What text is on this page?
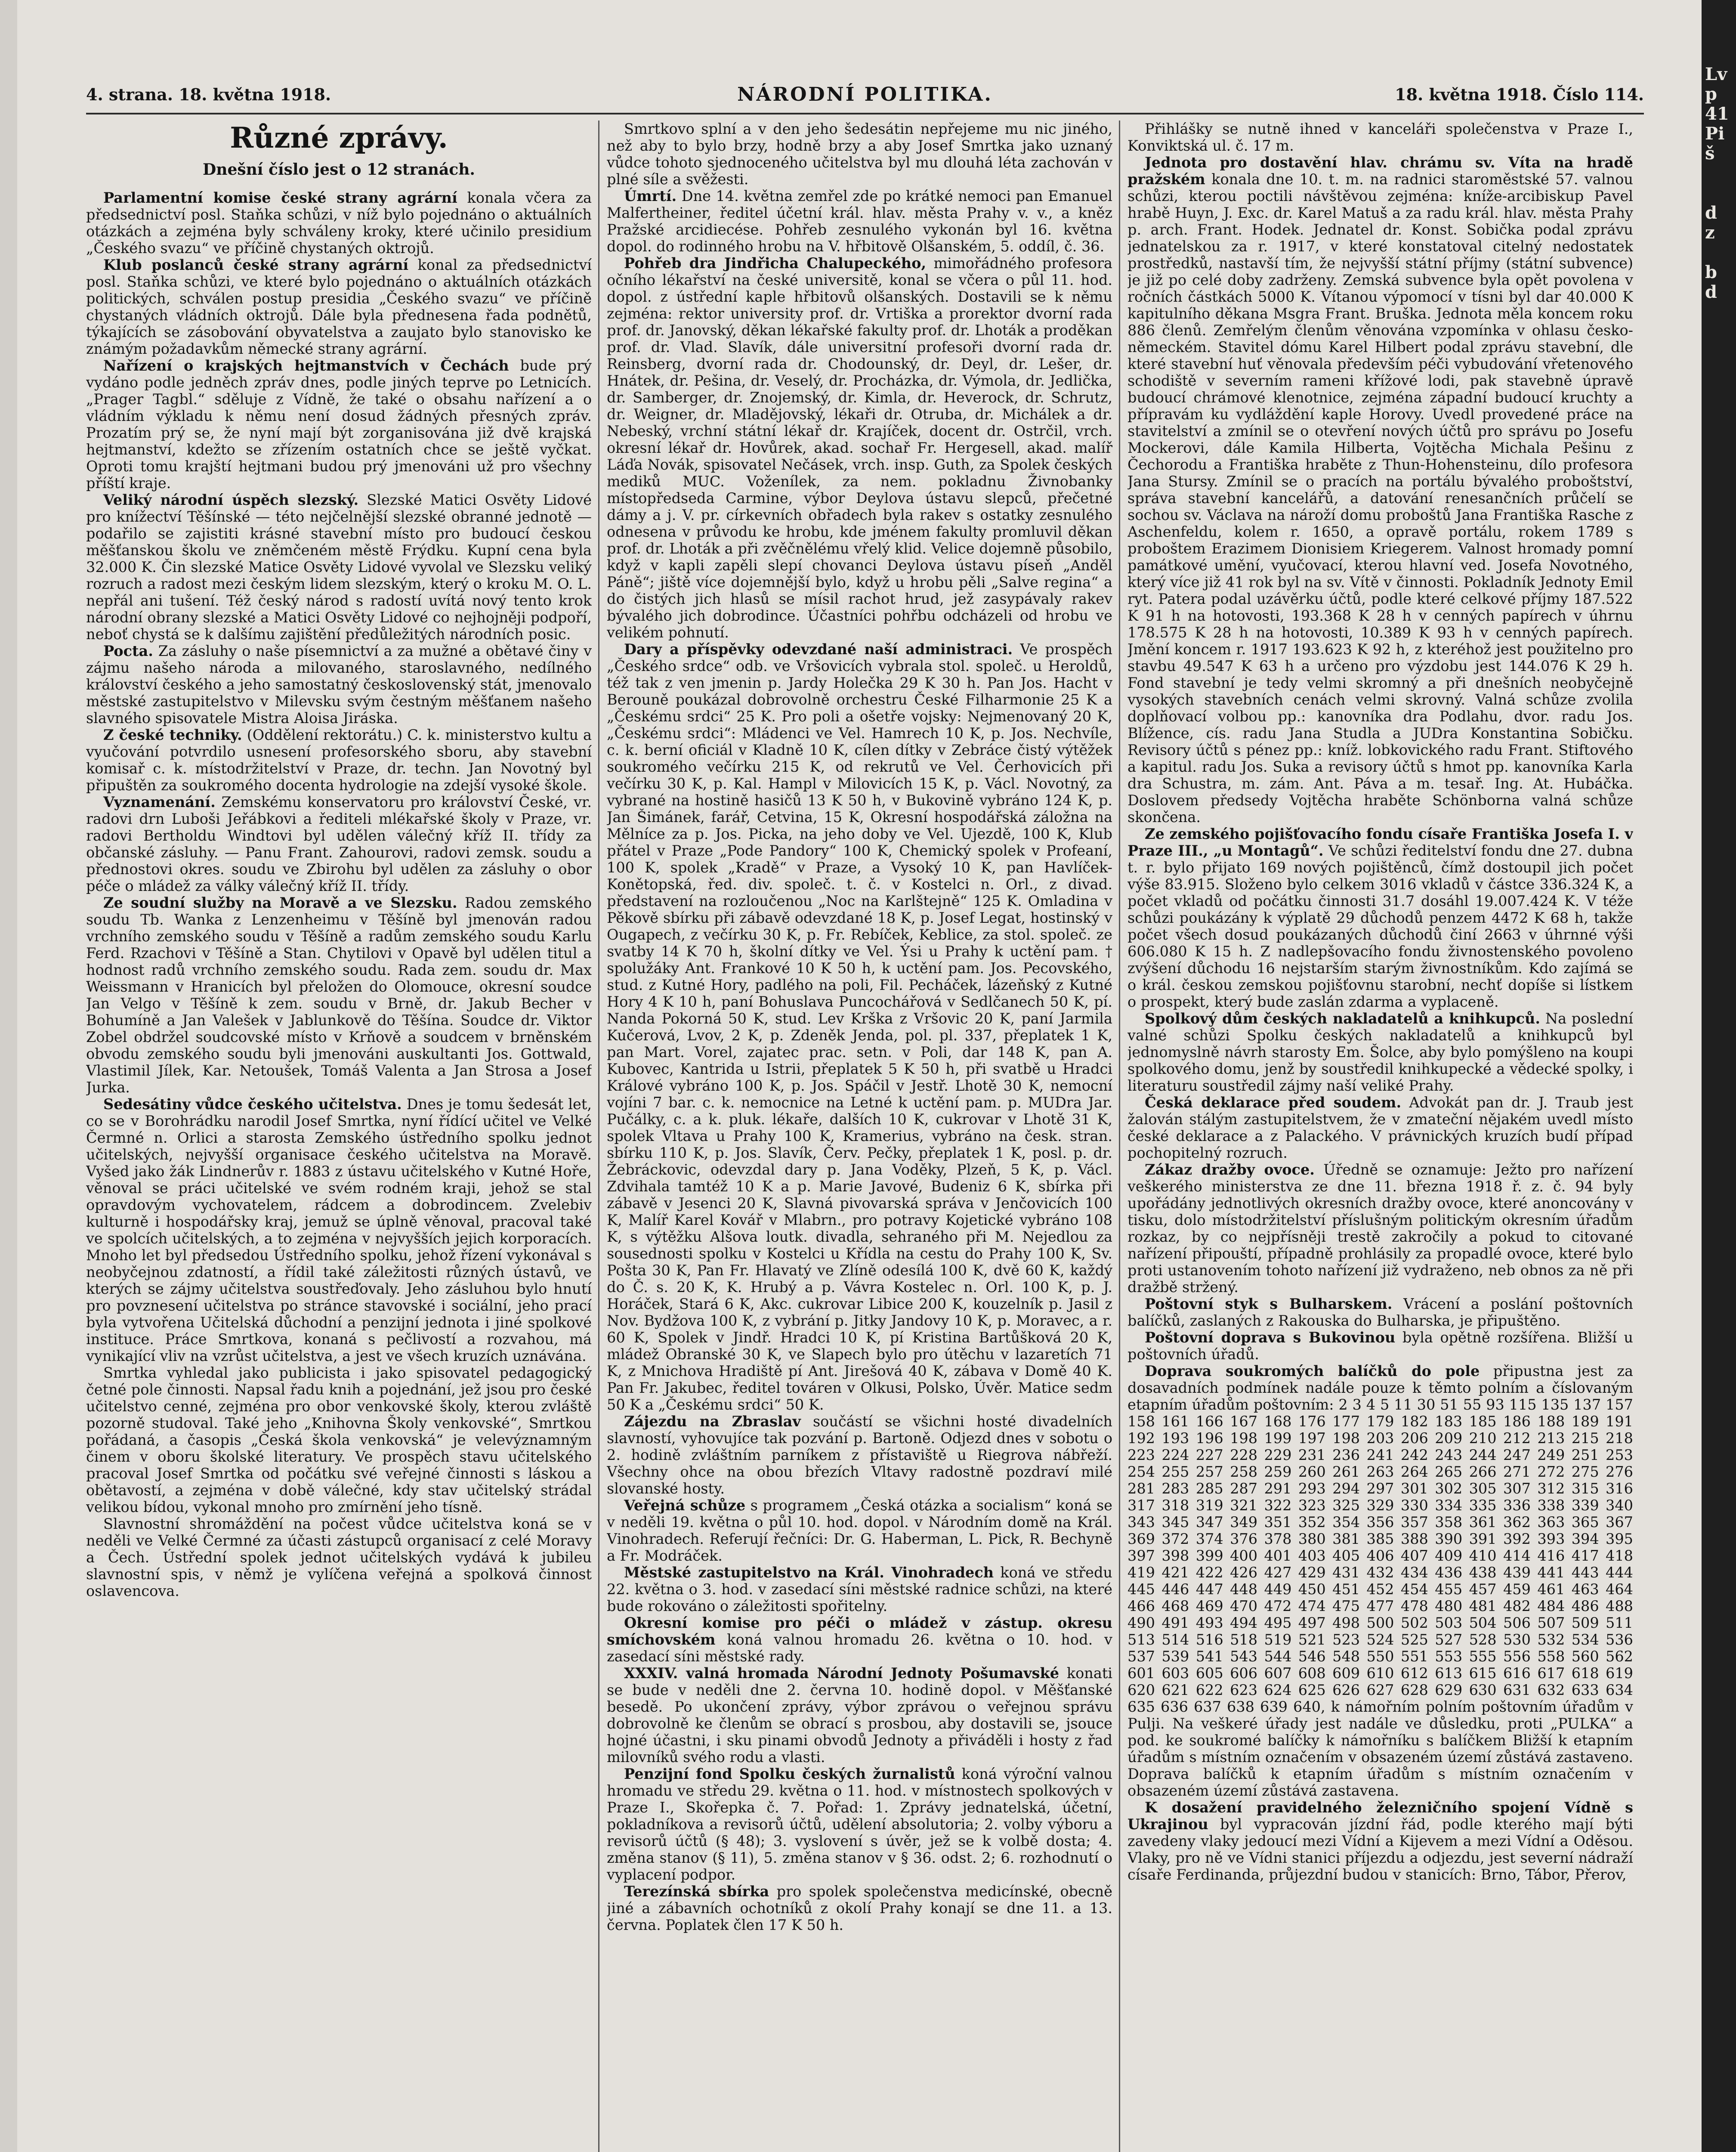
Lv
p
41
Pi
š

d
z

b
d
4. strana. 18. května 1918.	NÁRODNÍ POLITIKA.	18. května 1918. Číslo 114.
Různé zprávy.
Dnešní číslo jest o 12 stranách.

Parlamentní komise české strany agrární konala včera za předsednictví posl. Staňka schůzi, v níž bylo pojednáno o aktuálních otázkách a zejména byly schváleny kroky, které učinilo presidium „Českého svazu“ ve příčině chystaných oktrojů.

Klub poslanců české strany agrární konal za předsednictví posl. Staňka schůzi, ve které bylo pojednáno o aktuálních otázkách politických, schválen postup presidia „Českého svazu“ ve příčině chystaných vládních oktrojů. Dále byla přednesena řada podnětů, týkajících se zásobování obyvatelstva a zaujato bylo stanovisko ke známým požadavkům německé strany agrární.

Nařízení o krajských hejtmanstvích v Čechách bude prý vydáno podle jedněch zpráv dnes, podle jiných teprve po Letnicích. „Prager Tagbl.“ sděluje z Vídně, že také o obsahu nařízení a o vládním výkladu k němu není dosud žádných přesných zpráv. Prozatím prý se, že nyní mají být zorganisována již dvě krajská hejtmanství, kdežto se zřízením ostatních chce se ještě vyčkat. Oproti tomu krajští hejtmani budou prý jmenováni už pro všechny příští kraje.

Veliký národní úspěch slezský. Slezské Matici Osvěty Lidové pro knížectví Těšínské — této nejčelnější slezské obranné jednotě — podařilo se zajistiti krásné stavební místo pro budoucí českou měšťanskou školu ve zněmčeném městě Frýdku. Kupní cena byla 32.000 K. Čin slezské Matice Osvěty Lidové vyvolal ve Slezsku veliký rozruch a radost mezi českým lidem slezským, který o kroku M. O. L. nepřál ani tušení. Též český národ s radostí uvítá nový tento krok národní obrany slezské a Matici Osvěty Lidové co nejhojněji podpoří, neboť chystá se k dalšímu zajištění předůležitých národních posic.

Pocta. Za zásluhy o naše písemnictví a za mužné a obětavé činy v zájmu našeho národa a milovaného, staroslavného, nedílného království českého a jeho samostatný československý stát, jmenovalo městské zastupitelstvo v Milevsku svým čestným měšťanem našeho slavného spisovatele Mistra Aloisa Jiráska.

Z české techniky. (Oddělení rektorátu.) C. k. ministerstvo kultu a vyučování potvrdilo usnesení profesorského sboru, aby stavební komisař c. k. místodržitelství v Praze, dr. techn. Jan Novotný byl připuštěn za soukromého docenta hydrologie na zdejší vysoké škole.

Vyznamenání. Zemskému konservatoru pro království České, vr. radovi drn Luboši Jeřábkovi a řediteli mlékařské školy v Praze, vr. radovi Bertholdu Windtovi byl udělen válečný kříž II. třídy za občanské zásluhy. — Panu Frant. Zahourovi, radovi zemsk. soudu a přednostovi okres. soudu ve Zbirohu byl udělen za zásluhy o obor péče o mládež za války válečný kříž II. třídy.

Ze soudní služby na Moravě a ve Slezsku. Radou zemského soudu Tb. Wanka z Lenzenheimu v Těšíně byl jmenován radou vrchního zemského soudu v Těšíně a radům zemského soudu Karlu Ferd. Rzachovi v Těšíně a Stan. Chytilovi v Opavě byl udělen titul a hodnost radů vrchního zemského soudu. Rada zem. soudu dr. Max Weissmann v Hranicích byl přeložen do Olomouce, okresní soudce Jan Velgo v Těšíně k zem. soudu v Brně, dr. Jakub Becher v Bohumíně a Jan Valešek v Jablunkově do Těšína. Soudce dr. Viktor Zobel obdržel soudcovské místo v Krňově a soudcem v brněnském obvodu zemského soudu byli jmenováni auskultanti Jos. Gottwald, Vlastimil Jílek, Kar. Netoušek, Tomáš Valenta a Jan Strosa a Josef Jurka.

Sedesátiny vůdce českého učitelstva. Dnes je tomu šedesát let, co se v Borohrádku narodil Josef Smrtka, nyní řídící učitel ve Velké Čermné n. Orlici a starosta Zemského ústředního spolku jednot učitelských, nejvyšší organisace českého učitelstva na Moravě. Vyšed jako žák Lindnerův r. 1883 z ústavu učitelského v Kutné Hoře, věnoval se práci učitelské ve svém rodném kraji, jehož se stal opravdovým vychovatelem, rádcem a dobrodincem. Zvelebiv kulturně i hospodářsky kraj, jemuž se úplně věnoval, pracoval také ve spolcích učitelských, a to zejména v nejvyšších jejich korporacích. Mnoho let byl předsedou Ústředního spolku, jehož řízení vykonával s neobyčejnou zdatností, a řídil také záležitosti různých ústavů, ve kterých se zájmy učitelstva soustřeďovaly. Jeho zásluhou bylo hnutí pro povznesení učitelstva po stránce stavovské i sociální, jeho prací byla vytvořena Učitelská důchodní a penzijní jednota i jiné spolkové instituce. Práce Smrtkova, konaná s pečlivostí a rozvahou, má vynikající vliv na vzrůst učitelstva, a jest ve všech kruzích uznávána.

Smrtka vyhledal jako publicista i jako spisovatel pedagogický četné pole činnosti. Napsal řadu knih a pojednání, jež jsou pro české učitelstvo cenné, zejména pro obor venkovské školy, kterou zvláště pozorně studoval. Také jeho „Knihovna Školy venkovské“, Smrtkou pořádaná, a časopis „Česká škola venkovská“ je velevýznamným činem v oboru školské literatury. Ve prospěch stavu učitelského pracoval Josef Smrtka od počátku své veřejné činnosti s láskou a obětavostí, a zejména v době válečné, kdy stav učitelský strádal velikou bídou, vykonal mnoho pro zmírnění jeho tísně.

Slavnostní shromáždění na počest vůdce učitelstva koná se v neděli ve Velké Čermné za účasti zástupců organisací z celé Moravy a Čech. Ústřední spolek jednot učitelských vydává k jubileu slavnostní spis, v němž je vylíčena veřejná a spolková činnost oslavencova.

Smrtkovo splní a v den jeho šedesátin nepřejeme mu nic jiného, než aby to bylo brzy, hodně brzy a aby Josef Smrtka jako uznaný vůdce tohoto sjednoceného učitelstva byl mu dlouhá léta zachován v plné síle a svěžesti.

Úmrtí. Dne 14. května zemřel zde po krátké nemoci pan Emanuel Malfertheiner, ředitel účetní král. hlav. města Prahy v. v., a kněz Pražské arcidiecése. Pohřeb zesnulého vykonán byl 16. května dopol. do rodinného hrobu na V. hřbitově Olšanském, 5. oddíl, č. 36.

Pohřeb dra Jindřicha Chalupeckého, mimořádného profesora očního lékařství na české universitě, konal se včera o půl 11. hod. dopol. z ústřední kaple hřbitovů olšanských. Dostavili se k němu zejména: rektor university prof. dr. Vrtiška a prorektor dvorní rada prof. dr. Janovský, děkan lékařské fakulty prof. dr. Lhoták a proděkan prof. dr. Vlad. Slavík, dále universitní profesoři dvorní rada dr. Reinsberg, dvorní rada dr. Chodounský, dr. Deyl, dr. Lešer, dr. Hnátek, dr. Pešina, dr. Veselý, dr. Procházka, dr. Výmola, dr. Jedlička, dr. Samberger, dr. Znojemský, dr. Kimla, dr. Heverock, dr. Schrutz, dr. Weigner, dr. Mladějovský, lékaři dr. Otruba, dr. Michálek a dr. Nebeský, vrchní státní lékař dr. Krajíček, docent dr. Ostrčil, vrch. okresní lékař dr. Hovůrek, akad. sochař Fr. Hergesell, akad. malíř Láďa Novák, spisovatel Nečásek, vrch. insp. Guth, za Spolek českých mediků MUC. Voženílek, za nem. pokladnu Živnobanky místopředseda Carmine, výbor Deylova ústavu slepců, přečetné dámy a j. V. pr. církevních obřadech byla rakev s ostatky zesnulého odnesena v průvodu ke hrobu, kde jménem fakulty promluvil děkan prof. dr. Lhoták a při zvěčnělému vřelý klid. Velice dojemně působilo, když v kapli zapěli slepí chovanci Deylova ústavu píseň „Anděl Páně“; jiště více dojemnější bylo, když u hrobu pěli „Salve regina“ a do čistých jich hlasů se mísil rachot hrud, jež zasypávaly rakev bývalého jich dobrodince. Účastníci pohřbu odcházeli od hrobu ve velikém pohnutí.

Dary a příspěvky odevzdané naší administraci. Ve prospěch „Českého srdce“ odb. ve Vršovicích vybrala stol. společ. u Heroldů, též tak z ven jmenin p. Jardy Holečka 29 K 30 h. Pan Jos. Hacht v Berouně poukázal dobrovolně orchestru České Filharmonie 25 K a „Českému srdci“ 25 K. Pro poli a ošetře vojsky: Nejmenovaný 20 K, „Českému srdci“: Mládenci ve Vel. Hamrech 10 K, p. Jos. Nechvíle, c. k. berní oficiál v Kladně 10 K, cílen dítky v Zebráce čistý výtěžek soukromého večírku 215 K, od rekrutů ve Vel. Čerhovicích při večírku 30 K, p. Kal. Hampl v Milovicích 15 K, p. Václ. Novotný, za vybrané na hostině hasičů 13 K 50 h, v Bukovině vybráno 124 K, p. Jan Šimánek, farář, Cetvina, 15 K, Okresní hospodářská záložna na Mělníce za p. Jos. Picka, na jeho doby ve Vel. Ujezdě, 100 K, Klub přátel v Praze „Pode Pandory“ 100 K, Chemický spolek v Profeaní, 100 K, spolek „Kradě“ v Praze, a Vysoký 10 K, pan Havlíček-Konětopská, řed. div. společ. t. č. v Kostelci n. Orl., z divad. představení na rozloučenou „Noc na Karlštejně“ 125 K. Omladina v Pěkově sbírku při zábavě odevzdané 18 K, p. Josef Legat, hostinský v Ougapech, z večírku 30 K, p. Fr. Rebíček, Keblice, za stol. společ. ze svatby 14 K 70 h, školní dítky ve Vel. Ýsi u Prahy k uctění pam. † spolužáky Ant. Frankové 10 K 50 h, k uctění pam. Jos. Pecovského, stud. z Kutné Hory, padlého na poli, Fil. Pecháček, lázeňský z Kutné Hory 4 K 10 h, paní Bohuslava Puncochářová v Sedlčanech 50 K, pí. Nanda Pokorná 50 K, stud. Lev Krška z Vršovic 20 K, paní Jarmila Kučerová, Lvov, 2 K, p. Zdeněk Jenda, pol. pl. 337, přeplatek 1 K, pan Mart. Vorel, zajatec prac. setn. v Poli, dar 148 K, pan A. Kubovec, Kantrida u Istrii, přeplatek 5 K 50 h, při svatbě u Hradci Králové vybráno 100 K, p. Jos. Spáčil v Jestř. Lhotě 30 K, nemocní vojíni 7 bar. c. k. nemocnice na Letné k uctění pam. p. MUDra Jar. Pučálky, c. a k. pluk. lékaře, dalších 10 K, cukrovar v Lhotě 31 K, spolek Vltava u Prahy 100 K, Kramerius, vybráno na česk. stran. sbírku 110 K, p. Jos. Slavík, Červ. Pečky, přeplatek 1 K, posl. p. dr. Žebráckovic, odevzdal dary p. Jana Voděky, Plzeň, 5 K, p. Václ. Zdvihala tamtéž 10 K a p. Marie Javové, Budeniz 6 K, sbírka při zábavě v Jesenci 20 K, Slavná pivovarská správa v Jenčovicích 100 K, Malíř Karel Kovář v Mlabrn., pro potravy Kojetické vybráno 108 K, s výtěžku Alšova loutk. divadla, sehraného při M. Nejedlou za sousednosti spolku v Kostelci u Křídla na cestu do Prahy 100 K, Sv. Pošta 30 K, Pan Fr. Hlavatý ve Zlíně odesílá 100 K, dvě 60 K, každý do Č. s. 20 K, K. Hrubý a p. Vávra Kostelec n. Orl. 100 K, p. J. Horáček, Stará 6 K, Akc. cukrovar Libice 200 K, kouzelník p. Jasil z Nov. Bydžova 100 K, z vybrání p. Jitky Jandovy 10 K, p. Moravec, a r. 60 K, Spolek v Jindř. Hradci 10 K, pí Kristina Bartůšková 20 K, mládež Obranské 30 K, ve Slapech bylo pro útěchu v lazaretích 71 K, z Mnichova Hradiště pí Ant. Jirešová 40 K, zábava v Domě 40 K. Pan Fr. Jakubec, ředitel továren v Olkusi, Polsko, Úvěr. Matice sedm 50 K a „Českému srdci“ 50 K.

Zájezdu na Zbraslav součástí se všichni hosté divadelních slavností, vyhovujíce tak pozvání p. Bartoně. Odjezd dnes v sobotu o 2. hodině zvláštním parníkem z přístaviště u Riegrova nábřeží. Všechny ohce na obou březích Vltavy radostně pozdraví milé slovanské hosty.

Veřejná schůze s programem „Česká otázka a socialism“ koná se v neděli 19. května o půl 10. hod. dopol. v Národním domě na Král. Vinohradech. Referují řečníci: Dr. G. Haberman, L. Pick, R. Bechyně a Fr. Modráček.

Městské zastupitelstvo na Král. Vinohradech koná ve středu 22. května o 3. hod. v zasedací síni městské radnice schůzi, na které bude rokováno o záležitosti spořitelny.

Okresní komise pro péči o mládež v zástup. okresu smíchovském koná valnou hromadu 26. května o 10. hod. v zasedací síni městské rady.

XXXIV. valná hromada Národní Jednoty Pošumavské konati se bude v neděli dne 2. června 10. hodině dopol. v Měšťanské besedě. Po ukončení zprávy, výbor zprávou o veřejnou správu dobrovolně ke členům se obrací s prosbou, aby dostavili se, jsouce hojné účastni, i sku pinami obvodů Jednoty a přiváděli i hosty z řad milovníků svého rodu a vlasti.

Penzijní fond Spolku českých žurnalistů koná výroční valnou hromadu ve středu 29. května o 11. hod. v místnostech spolkových v Praze I., Skořepka č. 7. Pořad: 1. Zprávy jednatelská, účetní, pokladníkova a revisorů účtů, udělení absolutoria; 2. volby výboru a revisorů účtů (§ 48); 3. vyslovení s úvěr, jež se k volbě dosta; 4. změna stanov (§ 11), 5. změna stanov v § 36. odst. 2; 6. rozhodnutí o vyplacení podpor.

Terezínská sbírka pro spolek společenstva medicínské, obecně jiné a zábavních ochotníků z okolí Prahy konají se dne 11. a 13. června. Poplatek člen 17 K 50 h.

Přihlášky se nutně ihned v kanceláři společenstva v Praze I., Konviktská ul. č. 17 m.

Jednota pro dostavění hlav. chrámu sv. Víta na hradě pražském konala dne 10. t. m. na radnici staroměstské 57. valnou schůzi, kterou poctili návštěvou zejména: kníže-arcibiskup Pavel hrabě Huyn, J. Exc. dr. Karel Matuš a za radu král. hlav. města Prahy p. arch. Frant. Hodek. Jednatel dr. Konst. Sobička podal zprávu jednatelskou za r. 1917, v které konstatoval citelný nedostatek prostředků, nastavší tím, že nejvyšší státní příjmy (státní subvence) je již po celé doby zadrženy. Zemská subvence byla opět povolena v ročních částkách 5000 K. Vítanou výpomocí v tísni byl dar 40.000 K kapitulního děkana Msgra Frant. Bruška. Jednota měla koncem roku 886 členů. Zemřelým členům věnována vzpomínka v ohlasu česko-německém. Stavitel dómu Karel Hilbert podal zprávu stavební, dle které stavební huť věnovala především péči vybudování vřetenového schodiště v severním rameni křížové lodi, pak stavebně úpravě budoucí chrámové klenotnice, zejména západní budoucí kruchty a přípravám ku vydláždění kaple Horovy. Uvedl provedené práce na stavitelství a zmínil se o otevření nových účtů pro správu po Josefu Mockerovi, dále Kamila Hilberta, Vojtěcha Michala Pešinu z Čechorodu a Františka hraběte z Thun-Hohensteinu, dílo profesora Jana Stursy. Zmínil se o pracích na portálu bývalého proboštství, správa stavební kancelářů, a datování renesančních průčelí se sochou sv. Václava na nároží domu proboštů Jana Františka Rasche z Aschenfeldu, kolem r. 1650, a opravě portálu, rokem 1789 s proboštem Erazimem Dionisiem Kriegerem. Valnost hromady pomní památkové umění, vyučovací, kterou hlavní ved. Josefa Novotného, který více již 41 rok byl na sv. Vítě v činnosti. Pokladník Jednoty Emil ryt. Patera podal uzávěrku účtů, podle které celkové příjmy 187.522 K 91 h na hotovosti, 193.368 K 28 h v cenných papírech v úhrnu 178.575 K 28 h na hotovosti, 10.389 K 93 h v cenných papírech. Jmění koncem r. 1917 193.623 K 92 h, z kteréhož jest použitelno pro stavbu 49.547 K 63 h a určeno pro výzdobu jest 144.076 K 29 h. Fond stavební je tedy velmi skromný a při dnešních neobyčejně vysokých stavebních cenách velmi skrovný. Valná schůze zvolila doplňovací volbou pp.: kanovníka dra Podlahu, dvor. radu Jos. Blížence, cís. radu Jana Studla a JUDra Konstantina Sobičku. Revisory účtů s pénez pp.: kníž. lobkovického radu Frant. Stiftového a kapitul. radu Jos. Suka a revisory účtů s hmot pp. kanovníka Karla dra Schustra, m. zám. Ant. Páva a m. tesař. Ing. At. Hubáčka. Doslovem předsedy Vojtěcha hraběte Schönborna valná schůze skončena.

Ze zemského pojišťovacího fondu císaře Františka Josefa I. v Praze III., „u Montagů“. Ve schůzi ředitelství fondu dne 27. dubna t. r. bylo přijato 169 nových pojištěnců, čímž dostoupil jich počet výše 83.915. Složeno bylo celkem 3016 vkladů v částce 336.324 K, a počet vkladů od počátku činnosti 31.7 dosáhl 19.007.424 K. V téže schůzi poukázány k výplatě 29 důchodů penzem 4472 K 68 h, takže počet všech dosud poukázaných důchodů činí 2663 v úhrnné výši 606.080 K 15 h. Z nadlepšovacího fondu živnostenského povoleno zvýšení důchodu 16 nejstarším starým živnostníkům. Kdo zajímá se o král. českou zemskou pojišťovnu starobní, nechť dopíše si lístkem o prospekt, který bude zaslán zdarma a vyplaceně.

Spolkový dům českých nakladatelů a knihkupců. Na poslední valné schůzi Spolku českých nakladatelů a knihkupců byl jednomyslně návrh starosty Em. Šolce, aby bylo pomýšleno na koupi spolkového domu, jenž by soustředil knihkupecké a vědecké spolky, i literaturu soustředil zájmy naší veliké Prahy.

Česká deklarace před soudem. Advokát pan dr. J. Traub jest žalován stálým zastupitelstvem, že v zmateční nějakém uvedl místo české deklarace a z Palackého. V právnických kruzích budí případ pochopitelný rozruch.

Zákaz dražby ovoce. Úředně se oznamuje: Ježto pro nařízení veškerého ministerstva ze dne 11. března 1918 ř. z. č. 94 byly upořádány jednotlivých okresních dražby ovoce, které anoncovány v tisku, dolo místodržitelství příslušným politickým okresním úřadům rozkaz, by co nejpřísněji trestě zakročily a pokud to citované nařízení připouští, případně prohlásily za propadlé ovoce, které bylo proti ustanovením tohoto nařízení již vydraženo, neb obnos za ně při dražbě stržený.

Poštovní styk s Bulharskem. Vrácení a poslání poštovních balíčků, zaslaných z Rakouska do Bulharska, je připuštěno.

Poštovní doprava s Bukovinou byla opětně rozšířena. Bližší u poštovních úřadů.

Doprava soukromých balíčků do pole připustna jest za dosavadních podmínek nadále pouze k těmto polním a číslovaným etapním úřadům poštovním: 2 3 4 5 11 30 51 55 93 115 135 137 157 158 161 166 167 168 176 177 179 182 183 185 186 188 189 191 192 193 196 198 199 197 198 203 206 209 210 212 213 215 218 223 224 227 228 229 231 236 241 242 243 244 247 249 251 253 254 255 257 258 259 260 261 263 264 265 266 271 272 275 276 281 283 285 287 291 293 294 297 301 302 305 307 312 315 316 317 318 319 321 322 323 325 329 330 334 335 336 338 339 340 343 345 347 349 351 352 354 356 357 358 361 362 363 365 367 369 372 374 376 378 380 381 385 388 390 391 392 393 394 395 397 398 399 400 401 403 405 406 407 409 410 414 416 417 418 419 421 422 426 427 429 431 432 434 436 438 439 441 443 444 445 446 447 448 449 450 451 452 454 455 457 459 461 463 464 466 468 469 470 472 474 475 477 478 480 481 482 484 486 488 490 491 493 494 495 497 498 500 502 503 504 506 507 509 511 513 514 516 518 519 521 523 524 525 527 528 530 532 534 536 537 539 541 543 544 546 548 550 551 553 555 556 558 560 562 601 603 605 606 607 608 609 610 612 613 615 616 617 618 619 620 621 622 623 624 625 626 627 628 629 630 631 632 633 634 635 636 637 638 639 640, k námořním polním poštovním úřadům v Pulji. Na veškeré úřady jest nadále ve důsledku, proti „PULKA“ a pod. ke soukromé balíčky k námořníku s balíčkem Bližší k etapním úřadům s místním označením v obsazeném území zůstává zastaveno. Doprava balíčků k etapním úřadům s místním označením v obsazeném území zůstává zastavena.

K dosažení pravidelného železničního spojení Vídně s Ukrajinou byl vypracován jízdní řád, podle kterého mají býti zavedeny vlaky jedoucí mezi Vídní a Kijevem a mezi Vídní a Oděsou. Vlaky, pro ně ve Vídni stanici příjezdu a odjezdu, jest severní nádraží císaře Ferdinanda, průjezdní budou v stanicích: Brno, Tábor, Přerov,
